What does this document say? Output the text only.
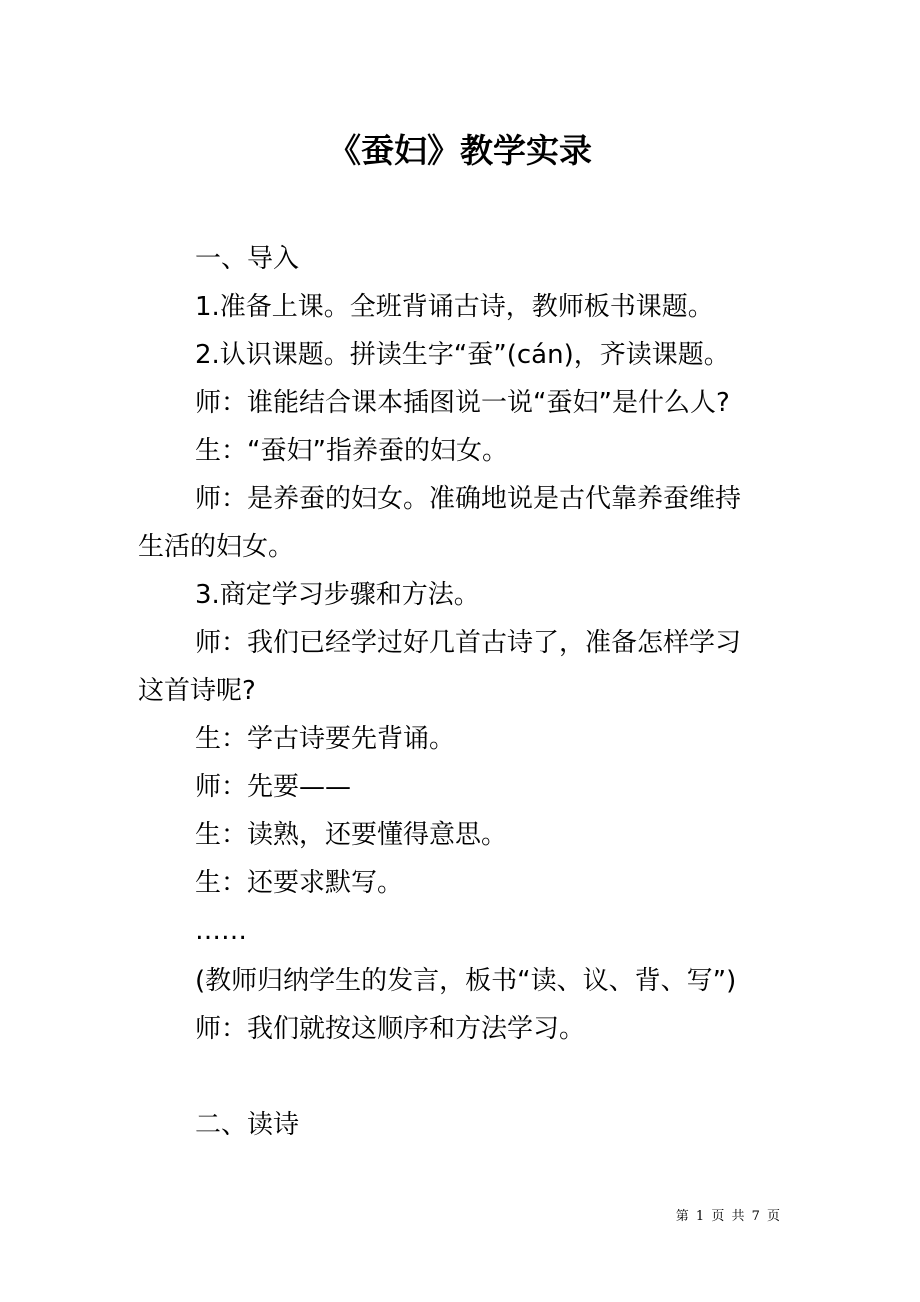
《蚕妇》教学实录

一、导入

1.准备上课。全班背诵古诗，教师板书课题。

2.认识课题。拼读生字“蚕”(cán)，齐读课题。

师：谁能结合课本插图说一说“蚕妇”是什么人?

生：“蚕妇”指养蚕的妇女。

师：是养蚕的妇女。准确地说是古代靠养蚕维持

生活的妇女。

3.商定学习步骤和方法。

师：我们已经学过好几首古诗了，准备怎样学习

这首诗呢?

生：学古诗要先背诵。

师：先要——

生：读熟，还要懂得意思。

生：还要求默写。

……

(教师归纳学生的发言，板书“读、议、背、写”)

师：我们就按这顺序和方法学习。

二、读诗

第 1 页 共 7 页
